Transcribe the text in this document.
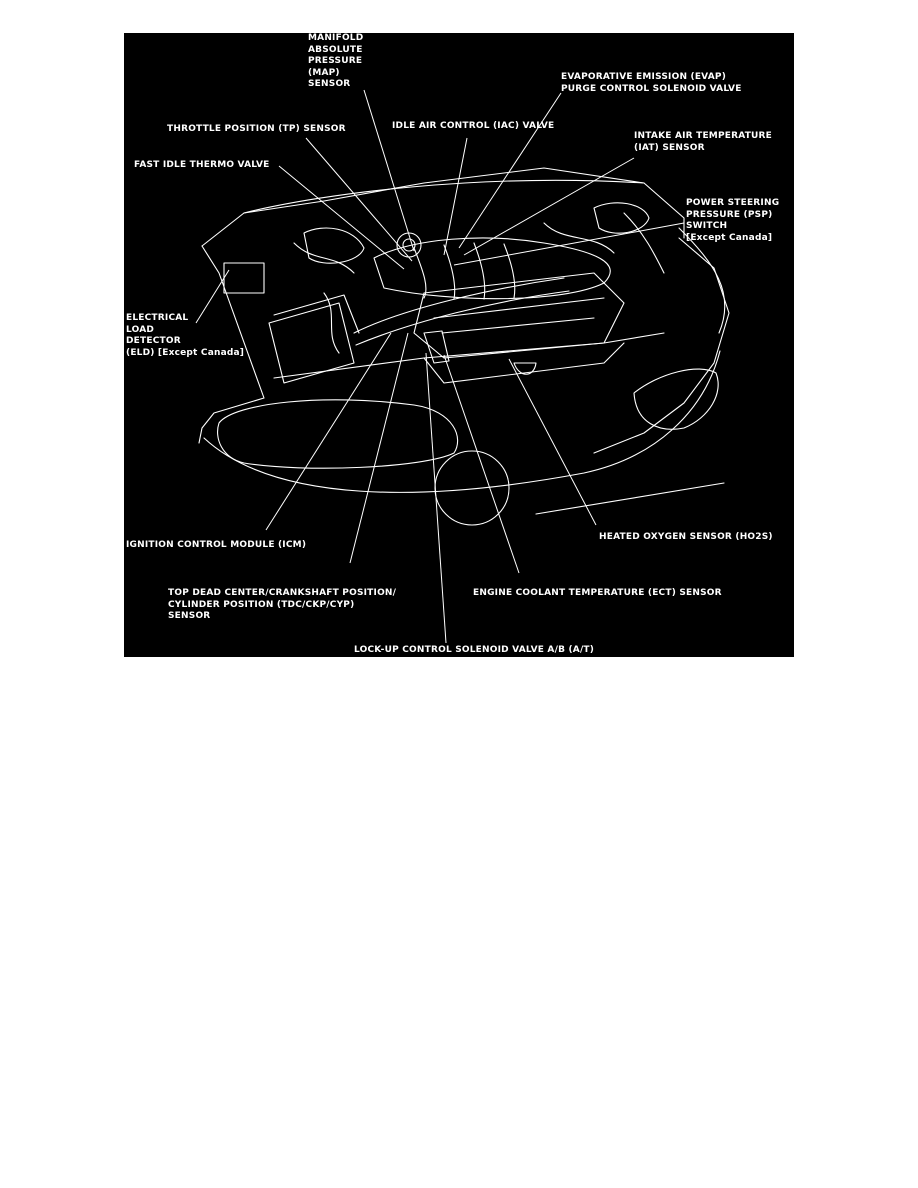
MANIFOLD
ABSOLUTE
PRESSURE
(MAP)
SENSOR
EVAPORATIVE EMISSION (EVAP)
PURGE CONTROL SOLENOID VALVE
THROTTLE POSITION (TP) SENSOR	IDLE AIR CONTROL (IAC) VALVE
INTAKE AIR TEMPERATURE
(IAT) SENSOR
FAST IDLE THERMO VALVE
POWER STEERING
PRESSURE (PSP)
SWITCH
[Except Canada]
ELECTRICAL
LOAD
DETECTOR
(ELD) [Except Canada]
IGNITION CONTROL MODULE (ICM)
HEATED OXYGEN SENSOR (HO2S)
TOP DEAD CENTER/CRANKSHAFT POSITION/
CYLINDER POSITION (TDC/CKP/CYP)
SENSOR
ENGINE COOLANT TEMPERATURE (ECT) SENSOR
LOCK-UP CONTROL SOLENOID VALVE A/B (A/T)
